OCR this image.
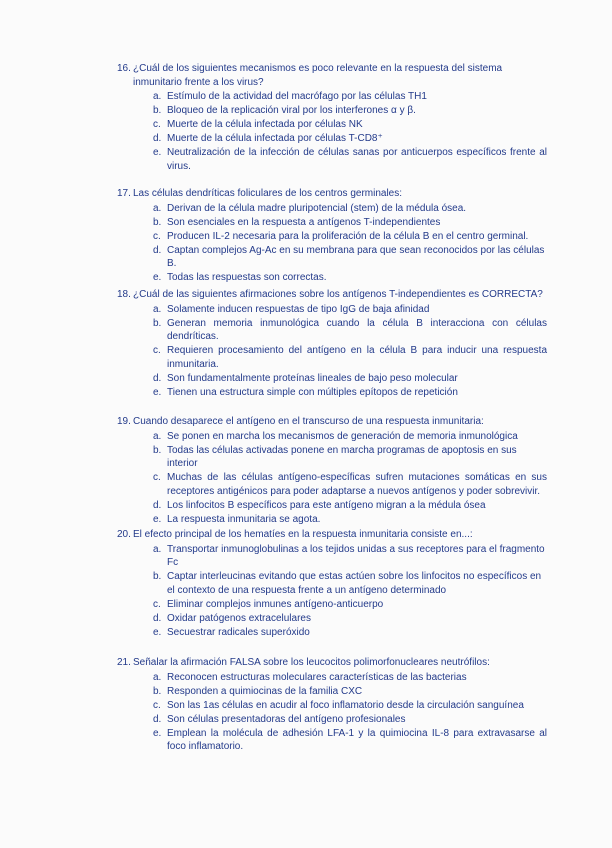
16. ¿Cuál de los siguientes mecanismos es poco relevante en la respuesta del sistema inmunitario frente a los virus?
a. Estímulo de la actividad del macrófago por las células TH1
b. Bloqueo de la replicación viral por los interferones α y β.
c. Muerte de la célula infectada por células NK
d. Muerte de la célula infectada por células T-CD8⁺
e. Neutralización de la infección de células sanas por anticuerpos específicos frente al virus.
17. Las células dendríticas foliculares de los centros germinales:
a. Derivan de la célula madre pluripotencial (stem) de la médula ósea.
b. Son esenciales en la respuesta a antígenos T-independientes
c. Producen IL-2 necesaria para la proliferación de la célula B en el centro germinal.
d. Captan complejos Ag-Ac en su membrana para que sean reconocidos por las células B.
e. Todas las respuestas son correctas.
18. ¿Cuál de las siguientes afirmaciones sobre los antígenos T-independientes es CORRECTA?
a. Solamente inducen respuestas de tipo IgG de baja afinidad
b. Generan memoria inmunológica cuando la célula B interacciona con células dendríticas.
c. Requieren procesamiento del antígeno en la célula B para inducir una respuesta inmunitaria.
d. Son fundamentalmente proteínas lineales de bajo peso molecular
e. Tienen una estructura simple con múltiples epítopos de repetición
19. Cuando desaparece el antígeno en el transcurso de una respuesta inmunitaria:
a. Se ponen en marcha los mecanismos de generación de memoria inmunológica
b. Todas las células activadas ponene en marcha programas de apoptosis en sus interior
c. Muchas de las células antígeno-específicas sufren mutaciones somáticas en sus receptores antigénicos para poder adaptarse a nuevos antígenos y poder sobrevivir.
d. Los linfocitos B específicos para este antígeno migran a la médula ósea
e. La respuesta inmunitaria se agota.
20. El efecto principal de los hematíes en la respuesta inmunitaria consiste en...:
a. Transportar inmunoglobulinas a los tejidos unidas a sus receptores para el fragmento Fc
b. Captar interleucinas evitando que estas actúen sobre los linfocitos no específicos en el contexto de una respuesta frente a un antígeno determinado
c. Eliminar complejos inmunes antígeno-anticuerpo
d. Oxidar patógenos extracelulares
e. Secuestrar radicales superóxido
21. Señalar la afirmación FALSA sobre los leucocitos polimorfonucleares neutrófilos:
a. Reconocen estructuras moleculares características de las bacterias
b. Responden a quimiocinas de la familia CXC
c. Son las 1as células en acudir al foco inflamatorio desde la circulación sanguínea
d. Son células presentadoras del antígeno profesionales
e. Emplean la molécula de adhesión LFA-1 y la quimiocina IL-8 para extravasarse al foco inflamatorio.
